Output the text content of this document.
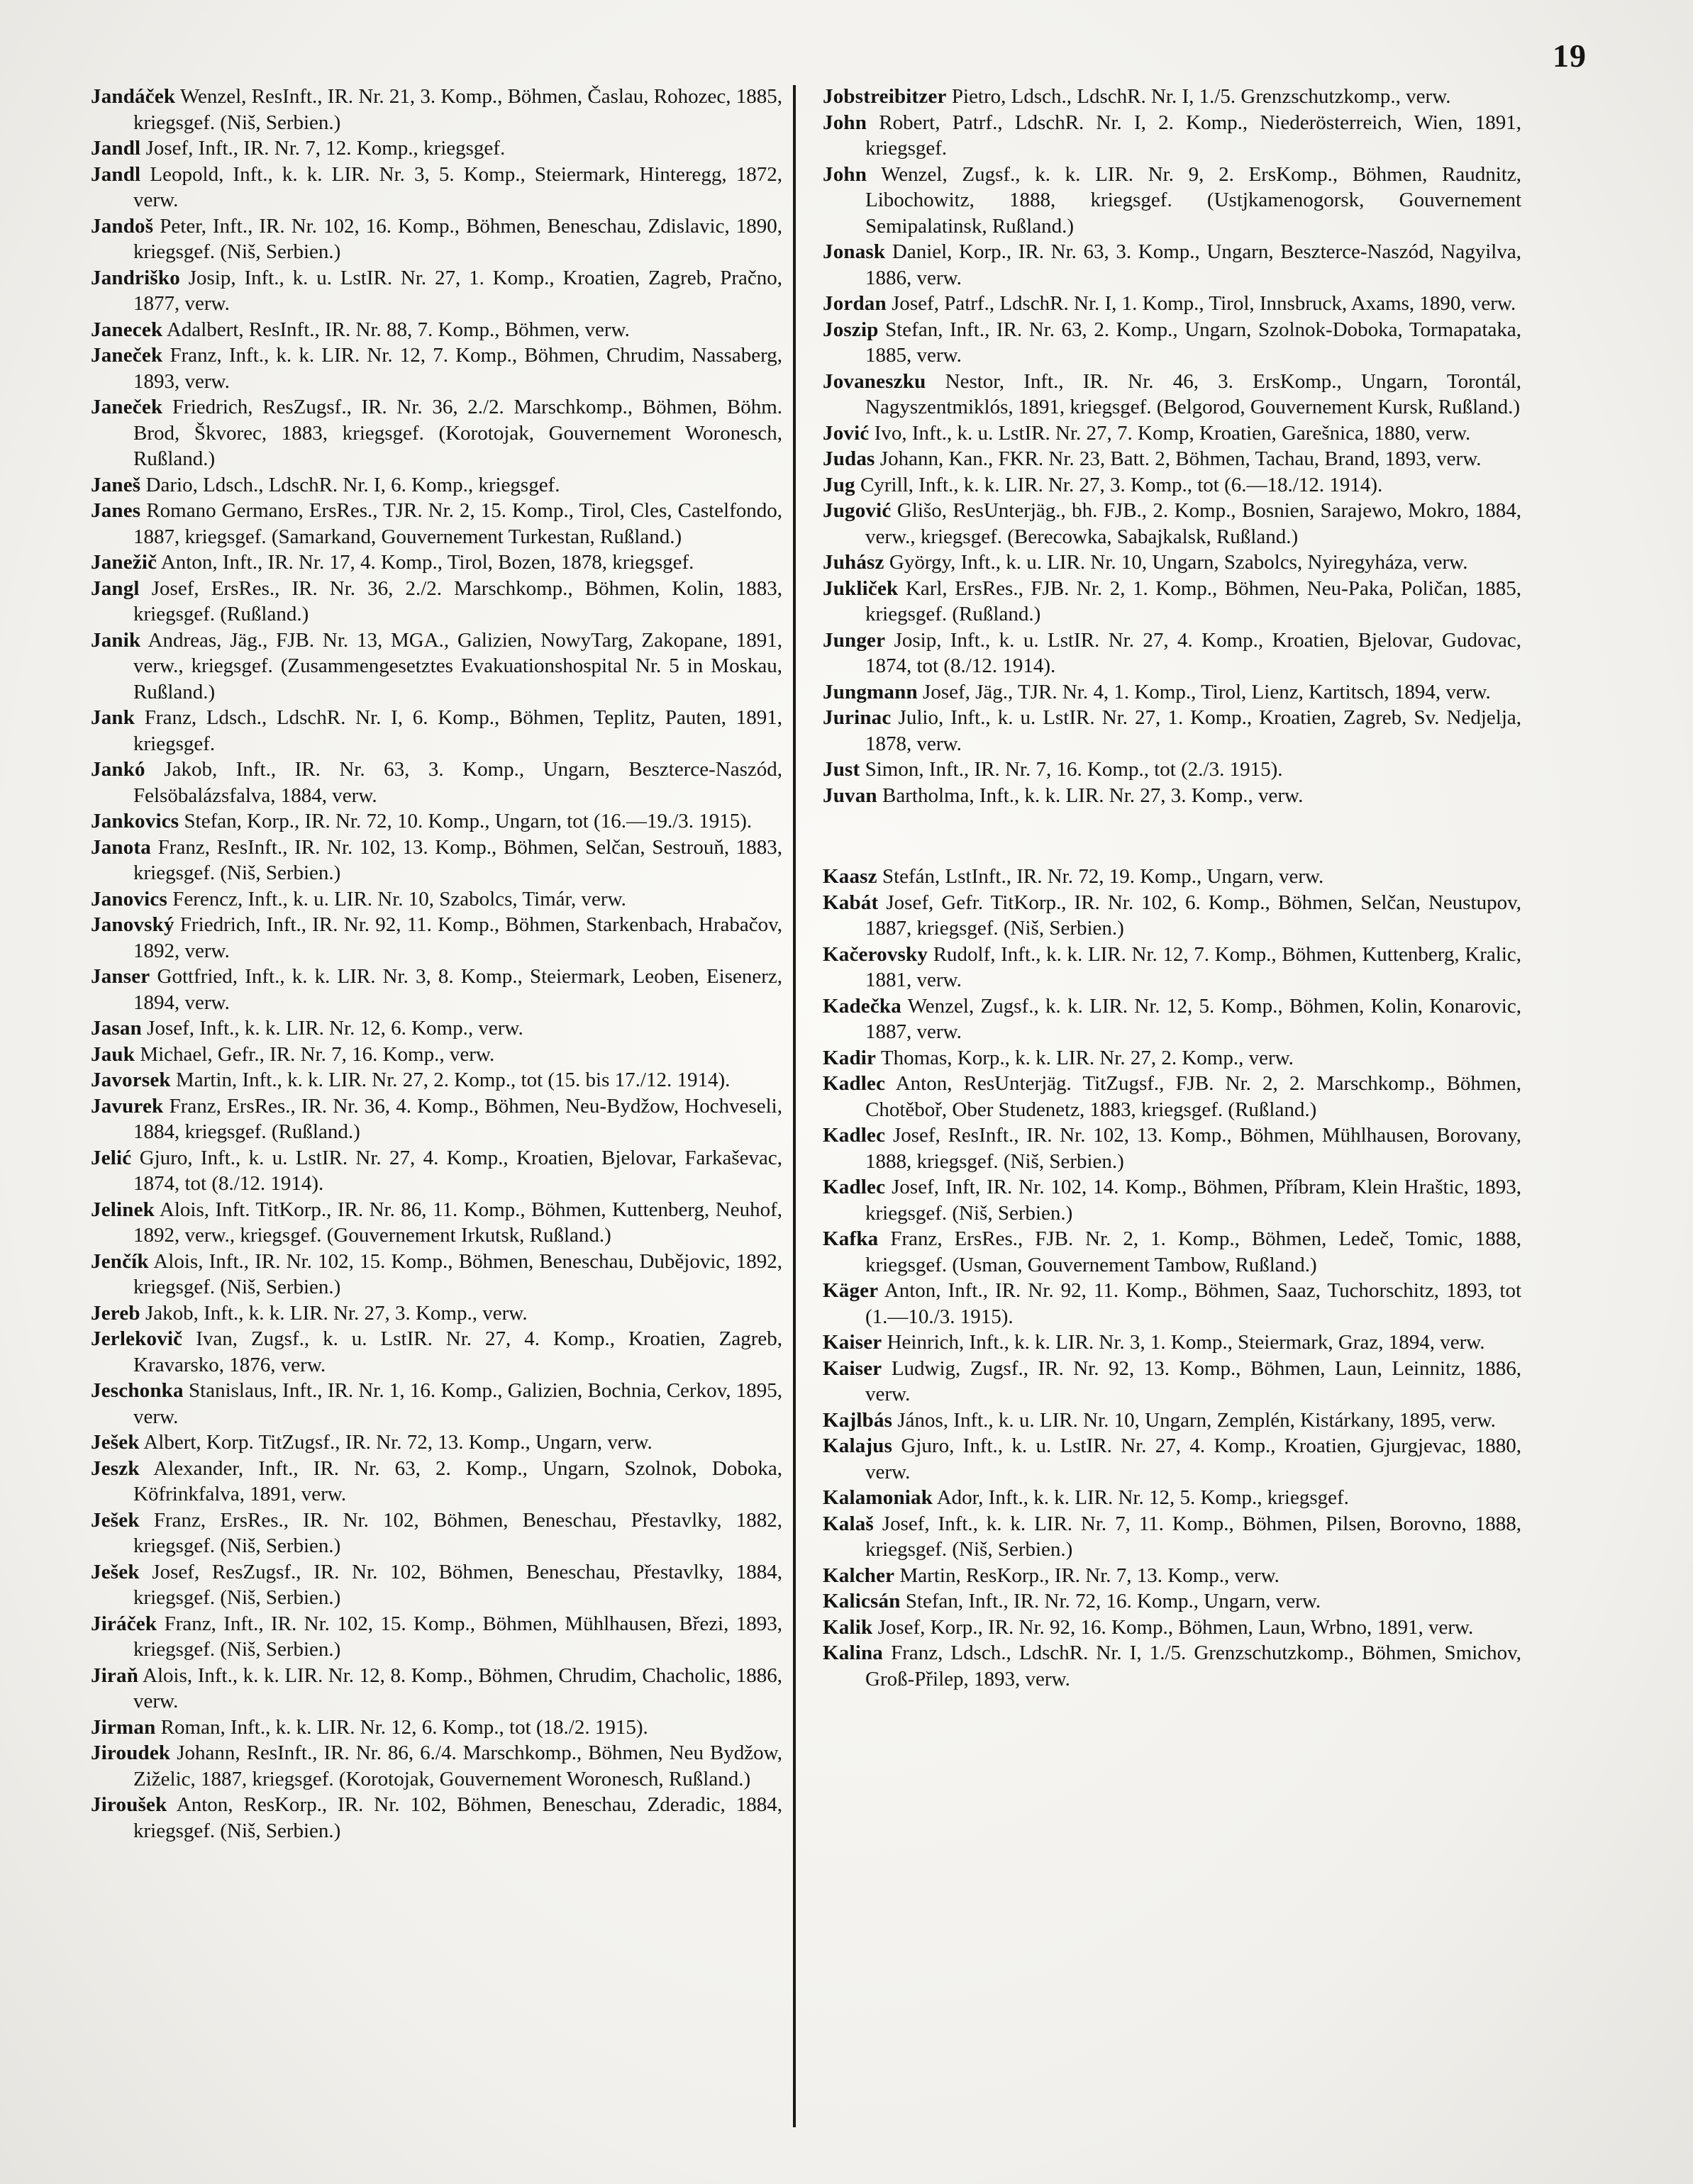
19

Jandáček Wenzel, ResInft., IR. Nr. 21, 3. Komp., Böhmen, Časlau, Rohozec, 1885, kriegsgef. (Niš, Serbien.)

Jandl Josef, Inft., IR. Nr. 7, 12. Komp., kriegsgef.

Jandl Leopold, Inft., k. k. LIR. Nr. 3, 5. Komp., Steiermark, Hinteregg, 1872, verw.

Jandoš Peter, Inft., IR. Nr. 102, 16. Komp., Böhmen, Beneschau, Zdislavic, 1890, kriegsgef. (Niš, Serbien.)

Jandriško Josip, Inft., k. u. LstIR. Nr. 27, 1. Komp., Kroatien, Zagreb, Pračno, 1877, verw.

Janecek Adalbert, ResInft., IR. Nr. 88, 7. Komp., Böhmen, verw.

Janeček Franz, Inft., k. k. LIR. Nr. 12, 7. Komp., Böhmen, Chrudim, Nassaberg, 1893, verw.

Janeček Friedrich, ResZugsf., IR. Nr. 36, 2./2. Marschkomp., Böhmen, Böhm. Brod, Škvorec, 1883, kriegsgef. (Korotojak, Gouvernement Woronesch, Rußland.)

Janeš Dario, Ldsch., LdschR. Nr. I, 6. Komp., kriegsgef.

Janes Romano Germano, ErsRes., TJR. Nr. 2, 15. Komp., Tirol, Cles, Castelfondo, 1887, kriegsgef. (Samarkand, Gouvernement Turkestan, Rußland.)

Janežič Anton, Inft., IR. Nr. 17, 4. Komp., Tirol, Bozen, 1878, kriegsgef.

Jangl Josef, ErsRes., IR. Nr. 36, 2./2. Marschkomp., Böhmen, Kolin, 1883, kriegsgef. (Rußland.)

Janik Andreas, Jäg., FJB. Nr. 13, MGA., Galizien, NowyTarg, Zakopane, 1891, verw., kriegsgef. (Zusammengesetztes Evakuationshospital Nr. 5 in Moskau, Rußland.)

Jank Franz, Ldsch., LdschR. Nr. I, 6. Komp., Böhmen, Teplitz, Pauten, 1891, kriegsgef.

Jankó Jakob, Inft., IR. Nr. 63, 3. Komp., Ungarn, Beszterce-Naszód, Felsöbalázsfalva, 1884, verw.

Jankovics Stefan, Korp., IR. Nr. 72, 10. Komp., Ungarn, tot (16.—19./3. 1915).

Janota Franz, ResInft., IR. Nr. 102, 13. Komp., Böhmen, Selčan, Sestrouň, 1883, kriegsgef. (Niš, Serbien.)

Janovics Ferencz, Inft., k. u. LIR. Nr. 10, Szabolcs, Timár, verw.

Janovský Friedrich, Inft., IR. Nr. 92, 11. Komp., Böhmen, Starkenbach, Hrabačov, 1892, verw.

Janser Gottfried, Inft., k. k. LIR. Nr. 3, 8. Komp., Steiermark, Leoben, Eisenerz, 1894, verw.

Jasan Josef, Inft., k. k. LIR. Nr. 12, 6. Komp., verw.

Jauk Michael, Gefr., IR. Nr. 7, 16. Komp., verw.

Javorsek Martin, Inft., k. k. LIR. Nr. 27, 2. Komp., tot (15. bis 17./12. 1914).

Javurek Franz, ErsRes., IR. Nr. 36, 4. Komp., Böhmen, Neu-Bydžow, Hochveseli, 1884, kriegsgef. (Rußland.)

Jelić Gjuro, Inft., k. u. LstIR. Nr. 27, 4. Komp., Kroatien, Bjelovar, Farkaševac, 1874, tot (8./12. 1914).

Jelinek Alois, Inft. TitKorp., IR. Nr. 86, 11. Komp., Böhmen, Kuttenberg, Neuhof, 1892, verw., kriegsgef. (Gouvernement Irkutsk, Rußland.)

Jenčík Alois, Inft., IR. Nr. 102, 15. Komp., Böhmen, Beneschau, Dubějovic, 1892, kriegsgef. (Niš, Serbien.)

Jereb Jakob, Inft., k. k. LIR. Nr. 27, 3. Komp., verw.

Jerlekovič Ivan, Zugsf., k. u. LstIR. Nr. 27, 4. Komp., Kroatien, Zagreb, Kravarsko, 1876, verw.

Jeschonka Stanislaus, Inft., IR. Nr. 1, 16. Komp., Galizien, Bochnia, Cerkov, 1895, verw.

Ješek Albert, Korp. TitZugsf., IR. Nr. 72, 13. Komp., Ungarn, verw.

Jeszk Alexander, Inft., IR. Nr. 63, 2. Komp., Ungarn, Szolnok, Doboka, Köfrinkfalva, 1891, verw.

Ješek Franz, ErsRes., IR. Nr. 102, Böhmen, Beneschau, Přestavlky, 1882, kriegsgef. (Niš, Serbien.)

Ješek Josef, ResZugsf., IR. Nr. 102, Böhmen, Beneschau, Přestavlky, 1884, kriegsgef. (Niš, Serbien.)

Jiráček Franz, Inft., IR. Nr. 102, 15. Komp., Böhmen, Mühlhausen, Březi, 1893, kriegsgef. (Niš, Serbien.)

Jiraň Alois, Inft., k. k. LIR. Nr. 12, 8. Komp., Böhmen, Chrudim, Chacholic, 1886, verw.

Jirman Roman, Inft., k. k. LIR. Nr. 12, 6. Komp., tot (18./2. 1915).

Jiroudek Johann, ResInft., IR. Nr. 86, 6./4. Marschkomp., Böhmen, Neu Bydžow, Ziželic, 1887, kriegsgef. (Korotojak, Gouvernement Woronesch, Rußland.)

Jiroušek Anton, ResKorp., IR. Nr. 102, Böhmen, Beneschau, Zderadic, 1884, kriegsgef. (Niš, Serbien.)

Jobstreibitzer Pietro, Ldsch., LdschR. Nr. I, 1./5. Grenzschutzkomp., verw.

John Robert, Patrf., LdschR. Nr. I, 2. Komp., Niederösterreich, Wien, 1891, kriegsgef.

John Wenzel, Zugsf., k. k. LIR. Nr. 9, 2. ErsKomp., Böhmen, Raudnitz, Libochowitz, 1888, kriegsgef. (Ustjkamenogorsk, Gouvernement Semipalatinsk, Rußland.)

Jonask Daniel, Korp., IR. Nr. 63, 3. Komp., Ungarn, Beszterce-Naszód, Nagyilva, 1886, verw.

Jordan Josef, Patrf., LdschR. Nr. I, 1. Komp., Tirol, Innsbruck, Axams, 1890, verw.

Joszip Stefan, Inft., IR. Nr. 63, 2. Komp., Ungarn, Szolnok-Doboka, Tormapataka, 1885, verw.

Jovaneszku Nestor, Inft., IR. Nr. 46, 3. ErsKomp., Ungarn, Torontál, Nagyszentmiklós, 1891, kriegsgef. (Belgorod, Gouvernement Kursk, Rußland.)

Jović Ivo, Inft., k. u. LstIR. Nr. 27, 7. Komp, Kroatien, Garešnica, 1880, verw.

Judas Johann, Kan., FKR. Nr. 23, Batt. 2, Böhmen, Tachau, Brand, 1893, verw.

Jug Cyrill, Inft., k. k. LIR. Nr. 27, 3. Komp., tot (6.—18./12. 1914).

Jugović Glišo, ResUnterjäg., bh. FJB., 2. Komp., Bosnien, Sarajewo, Mokro, 1884, verw., kriegsgef. (Berecowka, Sabajkalsk, Rußland.)

Juhász György, Inft., k. u. LIR. Nr. 10, Ungarn, Szabolcs, Nyiregyháza, verw.

Jukliček Karl, ErsRes., FJB. Nr. 2, 1. Komp., Böhmen, Neu-Paka, Poličan, 1885, kriegsgef. (Rußland.)

Junger Josip, Inft., k. u. LstIR. Nr. 27, 4. Komp., Kroatien, Bjelovar, Gudovac, 1874, tot (8./12. 1914).

Jungmann Josef, Jäg., TJR. Nr. 4, 1. Komp., Tirol, Lienz, Kartitsch, 1894, verw.

Jurinac Julio, Inft., k. u. LstIR. Nr. 27, 1. Komp., Kroatien, Zagreb, Sv. Nedjelja, 1878, verw.

Just Simon, Inft., IR. Nr. 7, 16. Komp., tot (2./3. 1915).

Juvan Bartholma, Inft., k. k. LIR. Nr. 27, 3. Komp., verw.

Kaasz Stefán, LstInft., IR. Nr. 72, 19. Komp., Ungarn, verw.

Kabát Josef, Gefr. TitKorp., IR. Nr. 102, 6. Komp., Böhmen, Selčan, Neustupov, 1887, kriegsgef. (Niš, Serbien.)

Kačerovsky Rudolf, Inft., k. k. LIR. Nr. 12, 7. Komp., Böhmen, Kuttenberg, Kralic, 1881, verw.

Kadečka Wenzel, Zugsf., k. k. LIR. Nr. 12, 5. Komp., Böhmen, Kolin, Konarovic, 1887, verw.

Kadir Thomas, Korp., k. k. LIR. Nr. 27, 2. Komp., verw.

Kadlec Anton, ResUnterjäg. TitZugsf., FJB. Nr. 2, 2. Marschkomp., Böhmen, Chotěboř, Ober Studenetz, 1883, kriegsgef. (Rußland.)

Kadlec Josef, ResInft., IR. Nr. 102, 13. Komp., Böhmen, Mühlhausen, Borovany, 1888, kriegsgef. (Niš, Serbien.)

Kadlec Josef, Inft, IR. Nr. 102, 14. Komp., Böhmen, Příbram, Klein Hraštic, 1893, kriegsgef. (Niš, Serbien.)

Kafka Franz, ErsRes., FJB. Nr. 2, 1. Komp., Böhmen, Ledeč, Tomic, 1888, kriegsgef. (Usman, Gouvernement Tambow, Rußland.)

Käger Anton, Inft., IR. Nr. 92, 11. Komp., Böhmen, Saaz, Tuchorschitz, 1893, tot (1.—10./3. 1915).

Kaiser Heinrich, Inft., k. k. LIR. Nr. 3, 1. Komp., Steiermark, Graz, 1894, verw.

Kaiser Ludwig, Zugsf., IR. Nr. 92, 13. Komp., Böhmen, Laun, Leinnitz, 1886, verw.

Kajlbás János, Inft., k. u. LIR. Nr. 10, Ungarn, Zemplén, Kistárkany, 1895, verw.

Kalajus Gjuro, Inft., k. u. LstIR. Nr. 27, 4. Komp., Kroatien, Gjurgjevac, 1880, verw.

Kalamoniak Ador, Inft., k. k. LIR. Nr. 12, 5. Komp., kriegsgef.

Kalaš Josef, Inft., k. k. LIR. Nr. 7, 11. Komp., Böhmen, Pilsen, Borovno, 1888, kriegsgef. (Niš, Serbien.)

Kalcher Martin, ResKorp., IR. Nr. 7, 13. Komp., verw.

Kalicsán Stefan, Inft., IR. Nr. 72, 16. Komp., Ungarn, verw.

Kalik Josef, Korp., IR. Nr. 92, 16. Komp., Böhmen, Laun, Wrbno, 1891, verw.

Kalina Franz, Ldsch., LdschR. Nr. I, 1./5. Grenzschutzkomp., Böhmen, Smichov, Groß-Přilep, 1893, verw.
